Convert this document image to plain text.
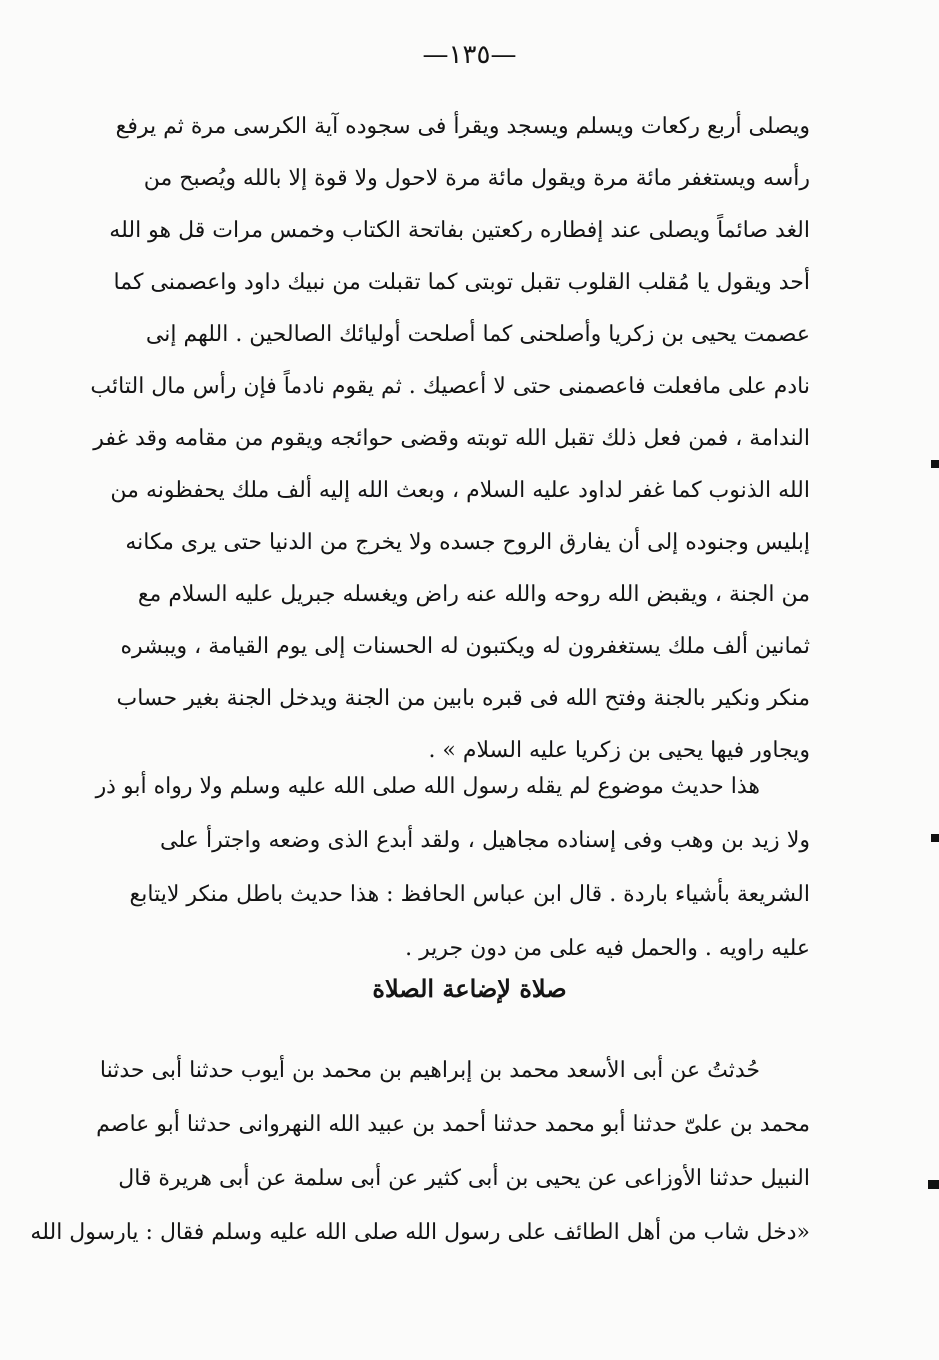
—١٣٥—
ويصلى أربع ركعات ويسلم ويسجد ويقرأ فى سجوده آية الكرسى مرة ثم يرفع
رأسه ويستغفر مائة مرة ويقول مائة مرة لاحول ولا قوة إلا بالله ويُصبح من
الغد صائماً ويصلى عند إفطاره ركعتين بفاتحة الكتاب وخمس مرات قل هو الله
أحد ويقول يا مُقلب القلوب تقبل توبتى كما تقبلت من نبيك داود واعصمنى كما
عصمت يحيى بن زكريا وأصلحنى كما أصلحت أوليائك الصالحين . اللهم إنى
نادم على مافعلت فاعصمنى حتى لا أعصيك . ثم يقوم نادماً فإن رأس مال التائب
الندامة ، فمن فعل ذلك تقبل الله توبته وقضى حوائجه ويقوم من مقامه وقد غفر
الله الذنوب كما غفر لداود عليه السلام ، وبعث الله إليه ألف ملك يحفظونه من
إبليس وجنوده إلى أن يفارق الروح جسده ولا يخرج من الدنيا حتى يرى مكانه
من الجنة ، ويقبض الله روحه والله عنه راض ويغسله جبريل عليه السلام مع
ثمانين ألف ملك يستغفرون له ويكتبون له الحسنات إلى يوم القيامة ، ويبشره
منكر ونكير بالجنة وفتح الله فى قبره بابين من الجنة ويدخل الجنة بغير حساب
ويجاور فيها يحيى بن زكريا عليه السلام » .
هذا حديث موضوع لم يقله رسول الله صلى الله عليه وسلم ولا رواه أبو ذر
ولا زيد بن وهب وفى إسناده مجاهيل ، ولقد أبدع الذى وضعه واجترأ على
الشريعة بأشياء باردة . قال ابن عباس الحافظ : هذا حديث باطل منكر لايتابع
عليه راويه . والحمل فيه على من دون جرير .
صلاة لإضاعة الصلاة
حُدثتُ عن أبى الأسعد محمد بن إبراهيم بن محمد بن أيوب حدثنا أبى حدثنا
محمد بن علىّ حدثنا أبو محمد حدثنا أحمد بن عبيد الله النهروانى حدثنا أبو عاصم
النبيل حدثنا الأوزاعى عن يحيى بن أبى كثير عن أبى سلمة عن أبى هريرة قال
«دخل شاب من أهل الطائف على رسول الله صلى الله عليه وسلم فقال : يارسول الله
